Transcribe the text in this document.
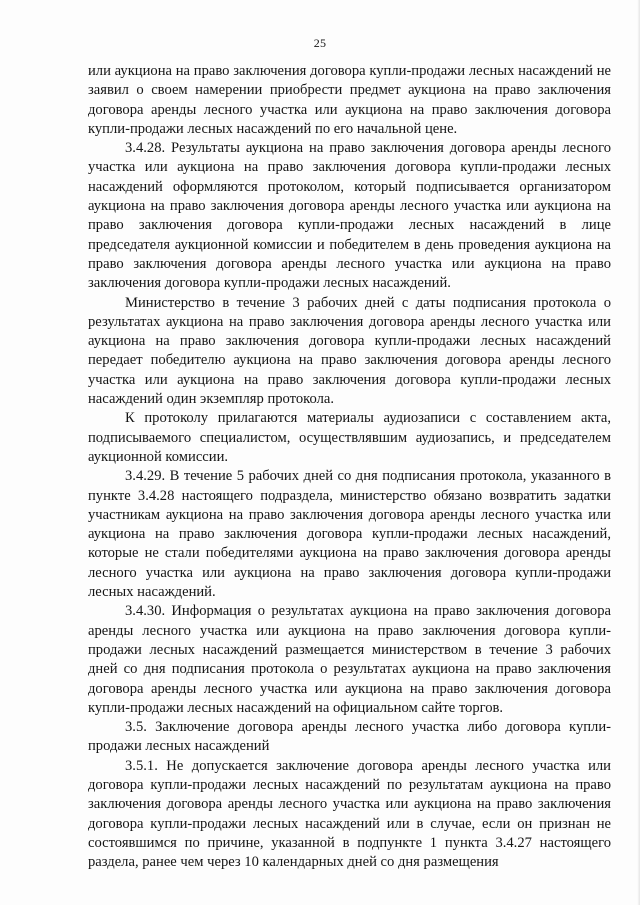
25

или аукциона на право заключения договора купли-продажи лесных насаждений не заявил о своем намерении приобрести предмет аукциона на право заключения договора аренды лесного участка или аукциона на право заключения договора купли-продажи лесных насаждений по его начальной цене.

3.4.28. Результаты аукциона на право заключения договора аренды лесного участка или аукциона на право заключения договора купли-продажи лесных насаждений оформляются протоколом, который подписывается организатором аукциона на право заключения договора аренды лесного участка или аукциона на право заключения договора купли-продажи лесных насаждений в лице председателя аукционной комиссии и победителем в день проведения аукциона на право заключения договора аренды лесного участка или аукциона на право заключения договора купли-продажи лесных насаждений.

Министерство в течение 3 рабочих дней с даты подписания протокола о результатах аукциона на право заключения договора аренды лесного участка или аукциона на право заключения договора купли-продажи лесных насаждений передает победителю аукциона на право заключения договора аренды лесного участка или аукциона на право заключения договора купли-продажи лесных насаждений один экземпляр протокола.

К протоколу прилагаются материалы аудиозаписи с составлением акта, подписываемого специалистом, осуществлявшим аудиозапись, и председателем аукционной комиссии.

3.4.29. В течение 5 рабочих дней со дня подписания протокола, указанного в пункте 3.4.28 настоящего подраздела, министерство обязано возвратить задатки участникам аукциона на право заключения договора аренды лесного участка или аукциона на право заключения договора купли-продажи лесных насаждений, которые не стали победителями аукциона на право заключения договора аренды лесного участка или аукциона на право заключения договора купли-продажи лесных насаждений.

3.4.30. Информация о результатах аукциона на право заключения договора аренды лесного участка или аукциона на право заключения договора купли-продажи лесных насаждений размещается министерством в течение 3 рабочих дней со дня подписания протокола о результатах аукциона на право заключения договора аренды лесного участка или аукциона на право заключения договора купли-продажи лесных насаждений на официальном сайте торгов.

3.5. Заключение договора аренды лесного участка либо договора купли-продажи лесных насаждений

3.5.1. Не допускается заключение договора аренды лесного участка или договора купли-продажи лесных насаждений по результатам аукциона на право заключения договора аренды лесного участка или аукциона на право заключения договора купли-продажи лесных насаждений или в случае, если он признан не состоявшимся по причине, указанной в подпункте 1 пункта 3.4.27 настоящего раздела, ранее чем через 10 календарных дней со дня размещения
